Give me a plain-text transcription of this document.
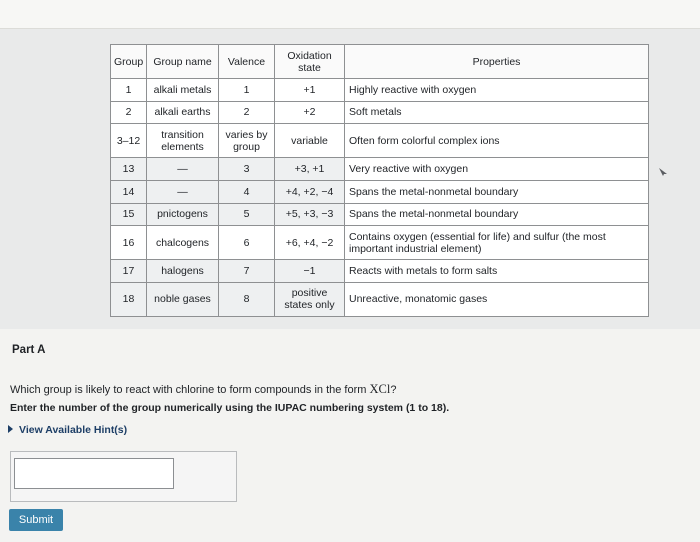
Group	Group name	Valence	Oxidation state	Properties
1	alkali metals	1	+1	Highly reactive with oxygen
2	alkali earths	2	+2	Soft metals
3–12	transition elements	varies by group	variable	Often form colorful complex ions
13	—	3	+3, +1	Very reactive with oxygen
14	—	4	+4, +2, −4	Spans the metal-nonmetal boundary
15	pnictogens	5	+5, +3, −3	Spans the metal-nonmetal boundary
16	chalcogens	6	+6, +4, −2	Contains oxygen (essential for life) and sulfur (the most important industrial element)
17	halogens	7	−1	Reacts with metals to form salts
18	noble gases	8	positive states only	Unreactive, monatomic gases
Part A
Which group is likely to react with chlorine to form compounds in the form XCl?
Enter the number of the group numerically using the IUPAC numbering system (1 to 18).
View Available Hint(s)
Submit
